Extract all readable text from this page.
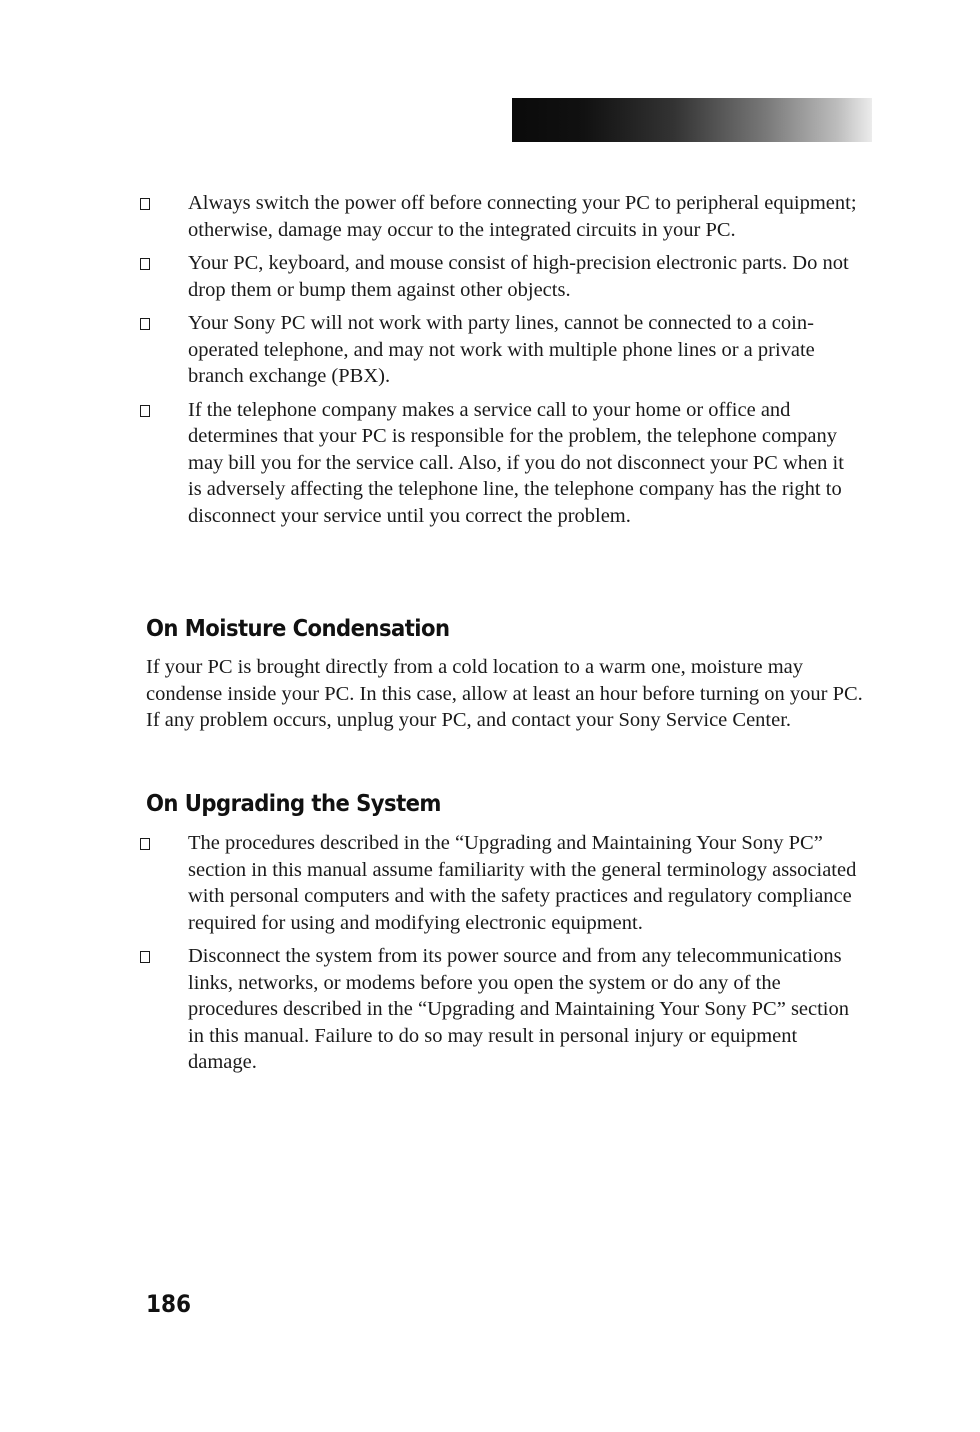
Always switch the power off before connecting your PC to peripheral equipment; otherwise, damage may occur to the integrated circuits in your PC.
Your PC, keyboard, and mouse consist of high-precision electronic parts. Do not drop them or bump them against other objects.
Your Sony PC will not work with party lines, cannot be connected to a coin-operated telephone, and may not work with multiple phone lines or a private branch exchange (PBX).
If the telephone company makes a service call to your home or office and determines that your PC is responsible for the problem, the telephone company may bill you for the service call. Also, if you do not disconnect your PC when it is adversely affecting the telephone line, the telephone company has the right to disconnect your service until you correct the problem.
On Moisture Condensation

If your PC is brought directly from a cold location to a warm one, moisture may condense inside your PC. In this case, allow at least an hour before turning on your PC. If any problem occurs, unplug your PC, and contact your Sony Service Center.

On Upgrading the System
The procedures described in the “Upgrading and Maintaining Your Sony PC” section in this manual assume familiarity with the general terminology associated with personal computers and with the safety practices and regulatory compliance required for using and modifying electronic equipment.
Disconnect the system from its power source and from any telecommunications links, networks, or modems before you open the system or do any of the procedures described in the “Upgrading and Maintaining Your Sony PC” section in this manual. Failure to do so may result in personal injury or equipment damage.
186
